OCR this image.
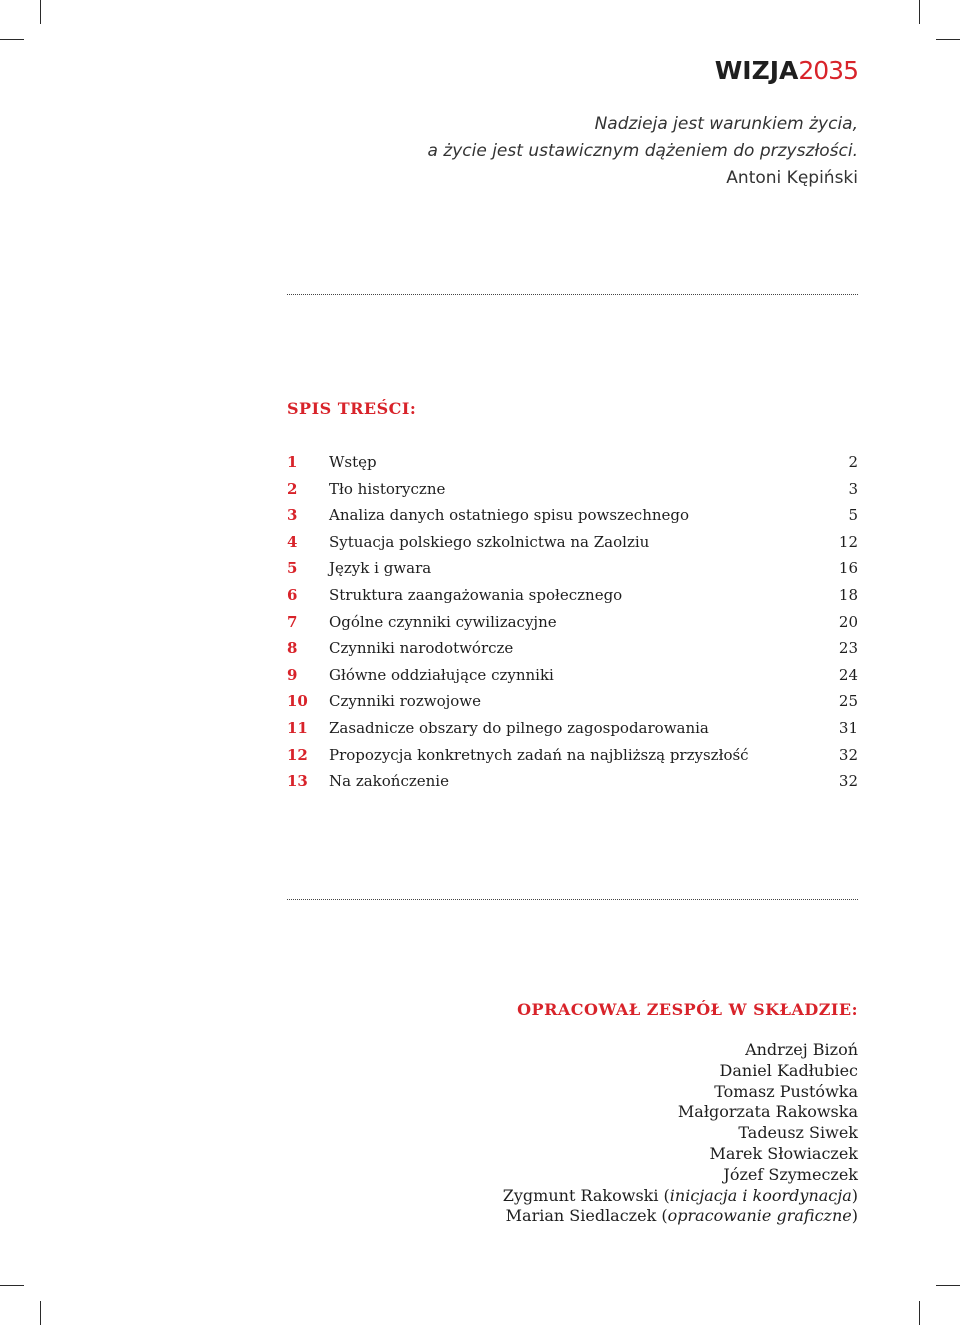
WIZJA 2035
Nadzieja jest warunkiem życia,
a życie jest ustawicznym dążeniem do przyszłości.
Antoni Kępiński
SPIS TREŚCI:
1 Wstęp	2
2 Tło historyczne	3
3 Analiza danych ostatniego spisu powszechnego	5
4 Sytuacja polskiego szkolnictwa na Zaolziu	12
5 Język i gwara	16
6 Struktura zaangażowania społecznego	18
7 Ogólne czynniki cywilizacyjne	20
8 Czynniki narodotwórcze	23
9 Główne oddziałujące czynniki	24
10 Czynniki rozwojowe	25
11 Zasadnicze obszary do pilnego zagospodarowania	31
12 Propozycja konkretnych zadań na najbliższą przyszłość	32
13 Na zakończenie	32
OPRACOWAŁ ZESPÓŁ W SKŁADZIE:
Andrzej Bizoń
Daniel Kadłubiec
Tomasz Pustówka
Małgorzata Rakowska
Tadeusz Siwek
Marek Słowiaczek
Józef Szymeczek
Zygmunt Rakowski (inicjacja i koordynacja)
Marian Siedlaczek (opracowanie graficzne)
